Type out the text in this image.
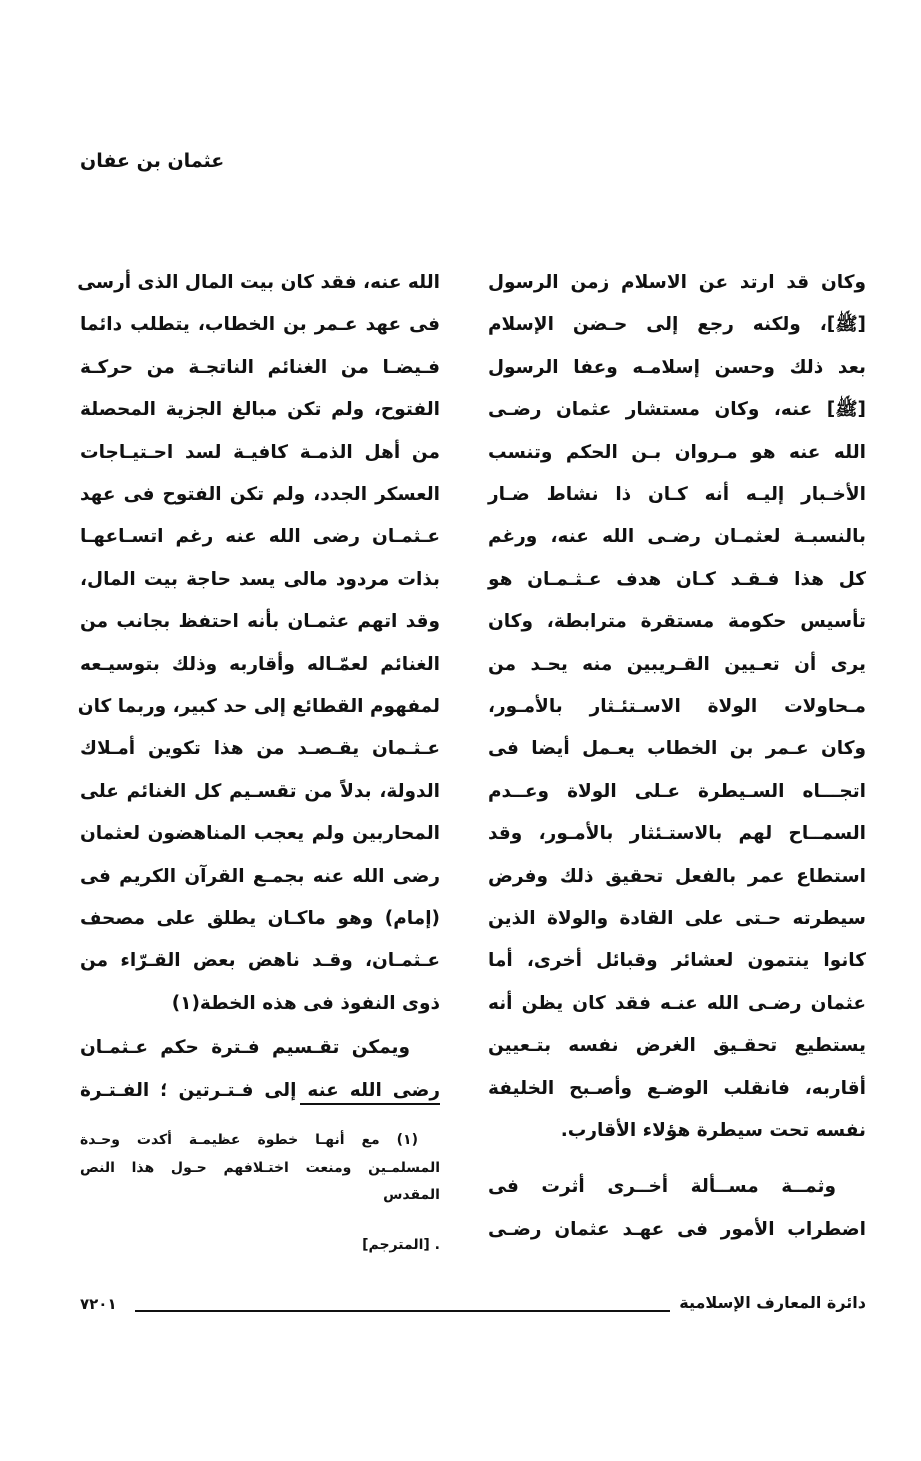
عثمان بن عفان
وكان قد ارتد عن الاسلام زمن الرسول
[ﷺ]، ولكنه رجع إلى حـضن الإسلام
بعد ذلك وحسن إسلامـه وعفا الرسول
[ﷺ] عنه، وكان مستشار عثمان رضـى
الله عنه هو مـروان بـن الحكم وتنسب
الأخـبار إليـه أنه كـان ذا نشاط ضـار
بالنسبـة لعثمـان رضـى الله عنه، ورغم
كل هذا فـقـد كـان هدف عـثـمـان هو
تأسيس حكومة مستقرة مترابطة، وكان
يرى أن تعـيين القـريبين منه يحـد من
مـحاولات الولاة الاسـتئـثار بالأمـور،
وكان عـمر بن الخطاب يعـمل أيضا فى
اتجـــاه السـيطرة عـلى الولاة وعــدم
السمــاح لهم بالاستـئثار بالأمـور، وقد
استطاع عمر بالفعل تحقيق ذلك وفرض
سيطرته حـتى على القادة والولاة الذين
كانوا ينتمون لعشائر وقبائل أخرى، أما
عثمان رضـى الله عنـه فقد كان يظن أنه
يستطيع تحقـيق الغرض نفسه بتـعيين
أقاربه، فانقلب الوضـع وأصـبح الخليفة
نفسه تحت سيطرة هؤلاء الأقارب.
وثمــة مســألة أخــرى أثرت فى
اضطراب الأمور فى عهـد عثمان رضـى
الله عنه، فقد كان بيت المال الذى أرسى
فى عهد عـمر بن الخطاب، يتطلب دائما
فـيضـا من الغنائم الناتجـة من حركـة
الفتوح، ولم تكن مبالغ الجزية المحصلة
من أهل الذمـة كافيـة لسد احـتيـاجات
العسكر الجدد، ولم تكن الفتوح فى عهد
عـثمـان رضى الله عنه رغم اتسـاعهـا
بذات مردود مالى يسد حاجة بيت المال،
وقد اتهم عثمـان بأنه احتفظ بجانب من
الغنائم لعمّـاله وأقاربه وذلك بتوسيـعه
لمفهوم القطائع إلى حد كبير، وربما كان
عـثـمان يقـصـد من هذا تكوين أمـلاك
الدولة، بدلاً من تقسـيم كل الغنائم على
المحاربين ولم يعجب المناهضون لعثمان
رضى الله عنه بجمـع القرآن الكريم فى
(إمام) وهو ماكـان يطلق على مصحف
عـثمـان، وقـد ناهض بعض القـرّاء من
ذوى النفوذ فى هذه الخطة(١)
ويمكن تقـسيم فـترة حكم عـثمـان
رضى الله عنه إلى فـتـرتين ؛ الفـتـرة
(١) مع أنهـا خطوة عظيمـة أكدت وحـدة
المسلمـين ومنعت اختـلافهم حـول هذا النص
المقدس
. [المترجم]
دائرة المعارف الإسلامية
٧٢٠١
